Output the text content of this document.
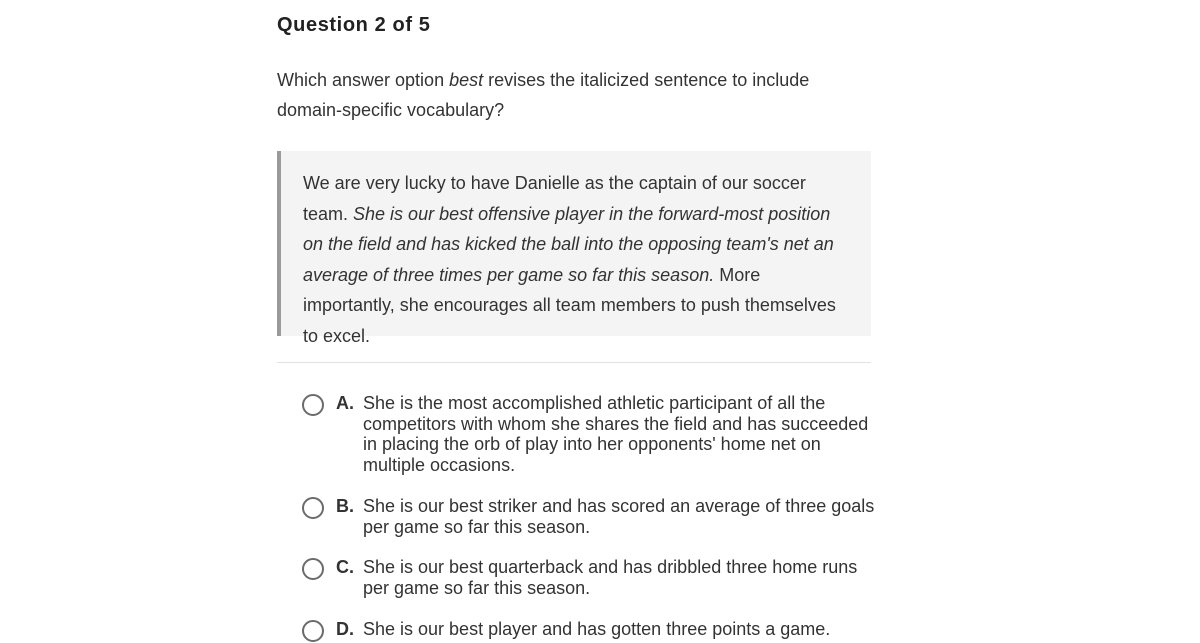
Question 2 of 5
Which answer option best revises the italicized sentence to include domain-specific vocabulary?
We are very lucky to have Danielle as the captain of our soccer team. She is our best offensive player in the forward-most position on the field and has kicked the ball into the opposing team's net an average of three times per game so far this season. More importantly, she encourages all team members to push themselves to excel.
A. She is the most accomplished athletic participant of all the competitors with whom she shares the field and has succeeded in placing the orb of play into her opponents' home net on multiple occasions.
B. She is our best striker and has scored an average of three goals per game so far this season.
C. She is our best quarterback and has dribbled three home runs per game so far this season.
D. She is our best player and has gotten three points a game.
